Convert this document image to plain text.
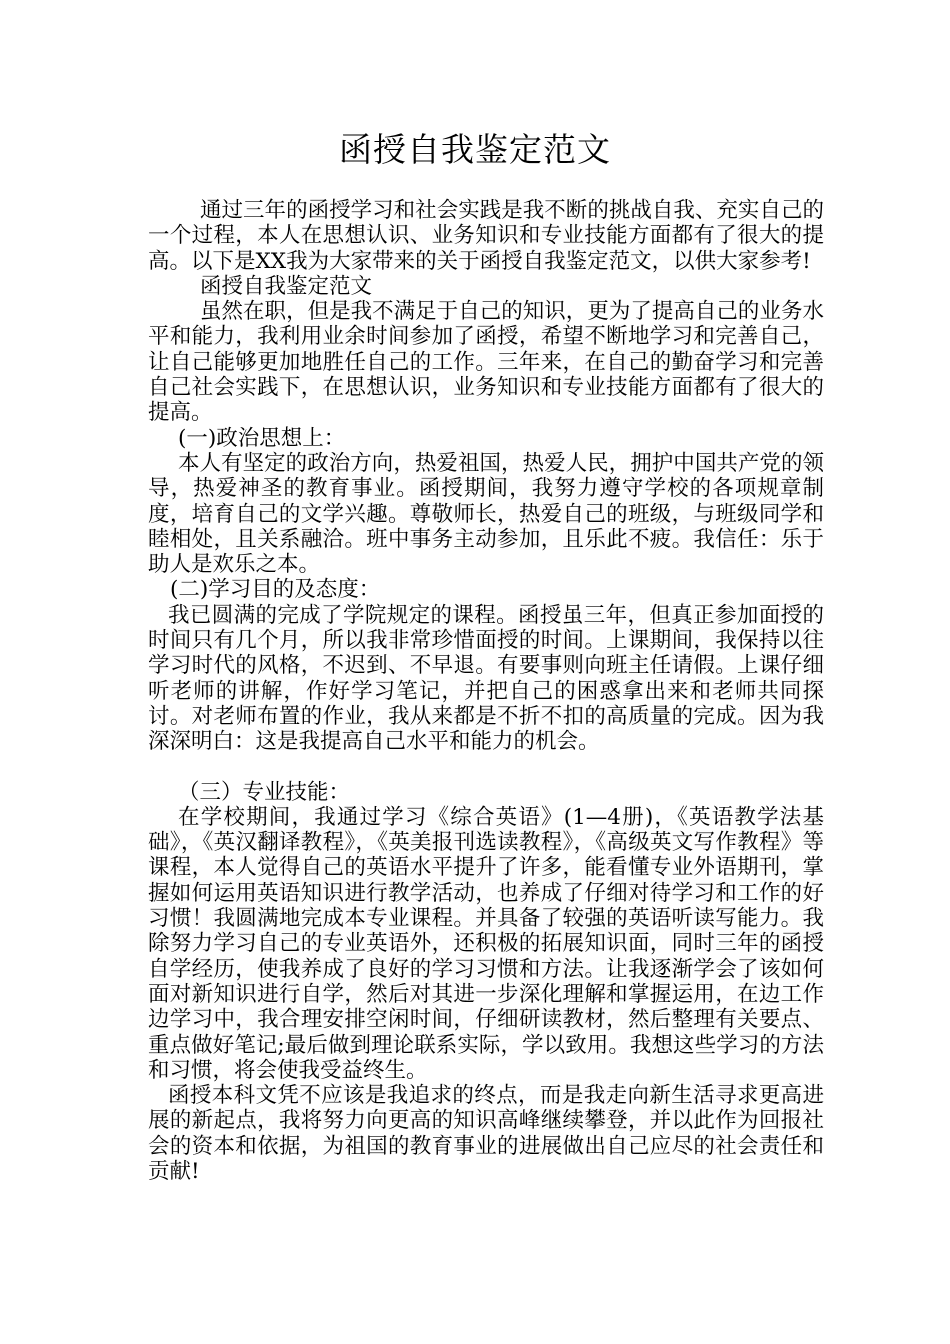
函授自我鉴定范文

通过三年的函授学习和社会实践是我不断的挑战自我、充实自己的一个过程，本人在思想认识、业务知识和专业技能方面都有了很大的提高。以下是XX我为大家带来的关于函授自我鉴定范文，以供大家参考!

函授自我鉴定范文

虽然在职，但是我不满足于自己的知识，更为了提高自己的业务水平和能力，我利用业余时间参加了函授，希望不断地学习和完善自己，让自己能够更加地胜任自己的工作。三年来，在自己的勤奋学习和完善自己社会实践下，在思想认识，业务知识和专业技能方面都有了很大的提高。

(一)政治思想上：

本人有坚定的政治方向，热爱祖国，热爱人民，拥护中国共产党的领导，热爱神圣的教育事业。函授期间，我努力遵守学校的各项规章制度，培育自己的文学兴趣。尊敬师长，热爱自己的班级，与班级同学和睦相处，且关系融洽。班中事务主动参加，且乐此不疲。我信任：乐于助人是欢乐之本。

(二)学习目的及态度：

我已圆满的完成了学院规定的课程。函授虽三年，但真正参加面授的时间只有几个月，所以我非常珍惜面授的时间。上课期间，我保持以往学习时代的风格，不迟到、不早退。有要事则向班主任请假。上课仔细听老师的讲解，作好学习笔记，并把自己的困惑拿出来和老师共同探讨。对老师布置的作业，我从来都是不折不扣的高质量的完成。因为我深深明白：这是我提高自己水平和能力的机会。

（三）专业技能：

在学校期间，我通过学习《综合英语》(1—4册)，《英语教学法基础》，《英汉翻译教程》，《英美报刊选读教程》，《高级英文写作教程》等课程，本人觉得自己的英语水平提升了许多，能看懂专业外语期刊，掌握如何运用英语知识进行教学活动，也养成了仔细对待学习和工作的好习惯！我圆满地完成本专业课程。并具备了较强的英语听读写能力。我除努力学习自己的专业英语外，还积极的拓展知识面，同时三年的函授自学经历，使我养成了良好的学习习惯和方法。让我逐渐学会了该如何面对新知识进行自学，然后对其进一步深化理解和掌握运用，在边工作边学习中，我合理安排空闲时间，仔细研读教材，然后整理有关要点、重点做好笔记;最后做到理论联系实际，学以致用。我想这些学习的方法和习惯，将会使我受益终生。

函授本科文凭不应该是我追求的终点，而是我走向新生活寻求更高进展的新起点，我将努力向更高的知识高峰继续攀登，并以此作为回报社会的资本和依据，为祖国的教育事业的进展做出自己应尽的社会责任和贡献!
